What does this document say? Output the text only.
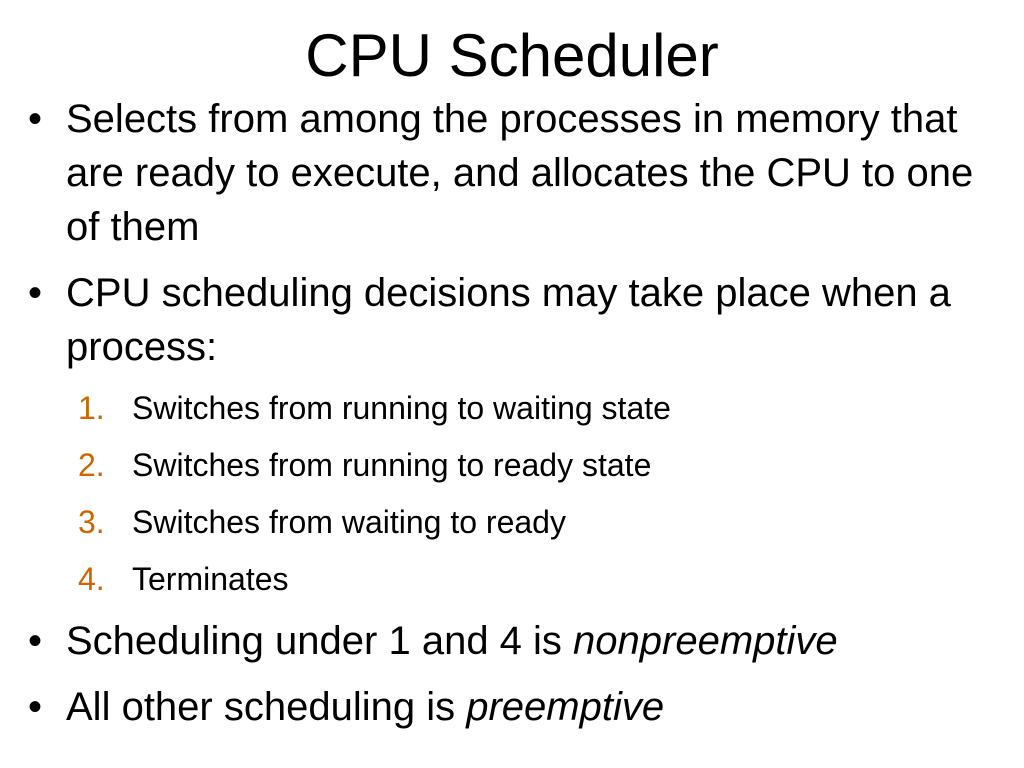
CPU Scheduler
• Selects from among the processes in memory that are ready to execute, and allocates the CPU to one of them
• CPU scheduling decisions may take place when a process:
1. Switches from running to waiting state
2. Switches from running to ready state
3. Switches from waiting to ready
4. Terminates
• Scheduling under 1 and 4 is nonpreemptive
• All other scheduling is preemptive
